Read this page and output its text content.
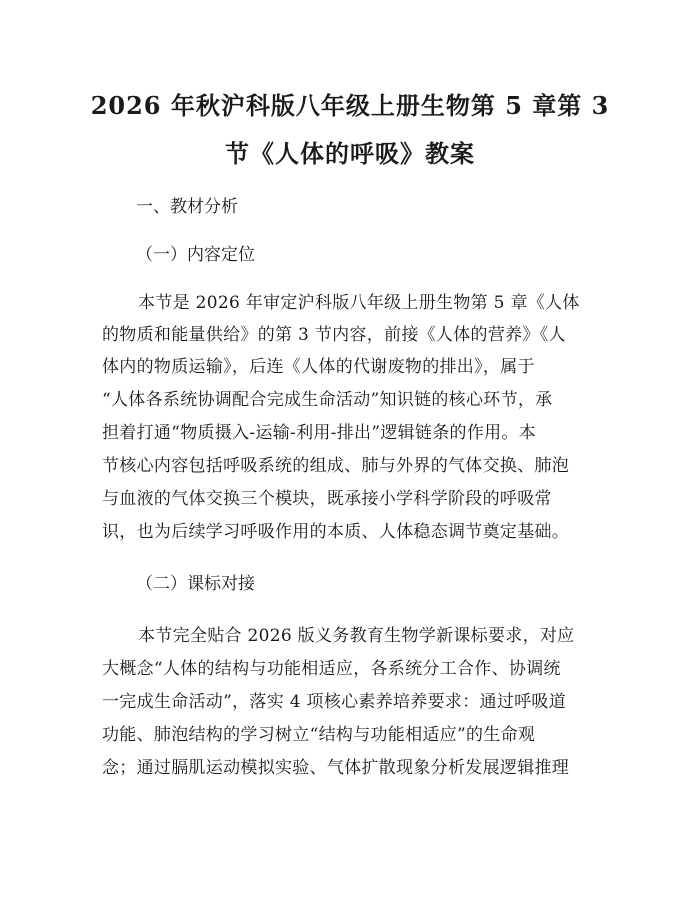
2026 年秋沪科版八年级上册生物第 5 章第 3
节《人体的呼吸》教案
一、教材分析
（一）内容定位
本节是 2026 年审定沪科版八年级上册生物第 5 章《人体
的物质和能量供给》的第 3 节内容，前接《人体的营养》《人
体内的物质运输》，后连《人体的代谢废物的排出》，属于
“人体各系统协调配合完成生命活动”知识链的核心环节，承
担着打通“物质摄入-运输-利用-排出”逻辑链条的作用。本
节核心内容包括呼吸系统的组成、肺与外界的气体交换、肺泡
与血液的气体交换三个模块，既承接小学科学阶段的呼吸常
识，也为后续学习呼吸作用的本质、人体稳态调节奠定基础。
（二）课标对接
本节完全贴合 2026 版义务教育生物学新课标要求，对应
大概念“人体的结构与功能相适应，各系统分工合作、协调统
一完成生命活动”，落实 4 项核心素养培养要求：通过呼吸道
功能、肺泡结构的学习树立“结构与功能相适应”的生命观
念；通过膈肌运动模拟实验、气体扩散现象分析发展逻辑推理
